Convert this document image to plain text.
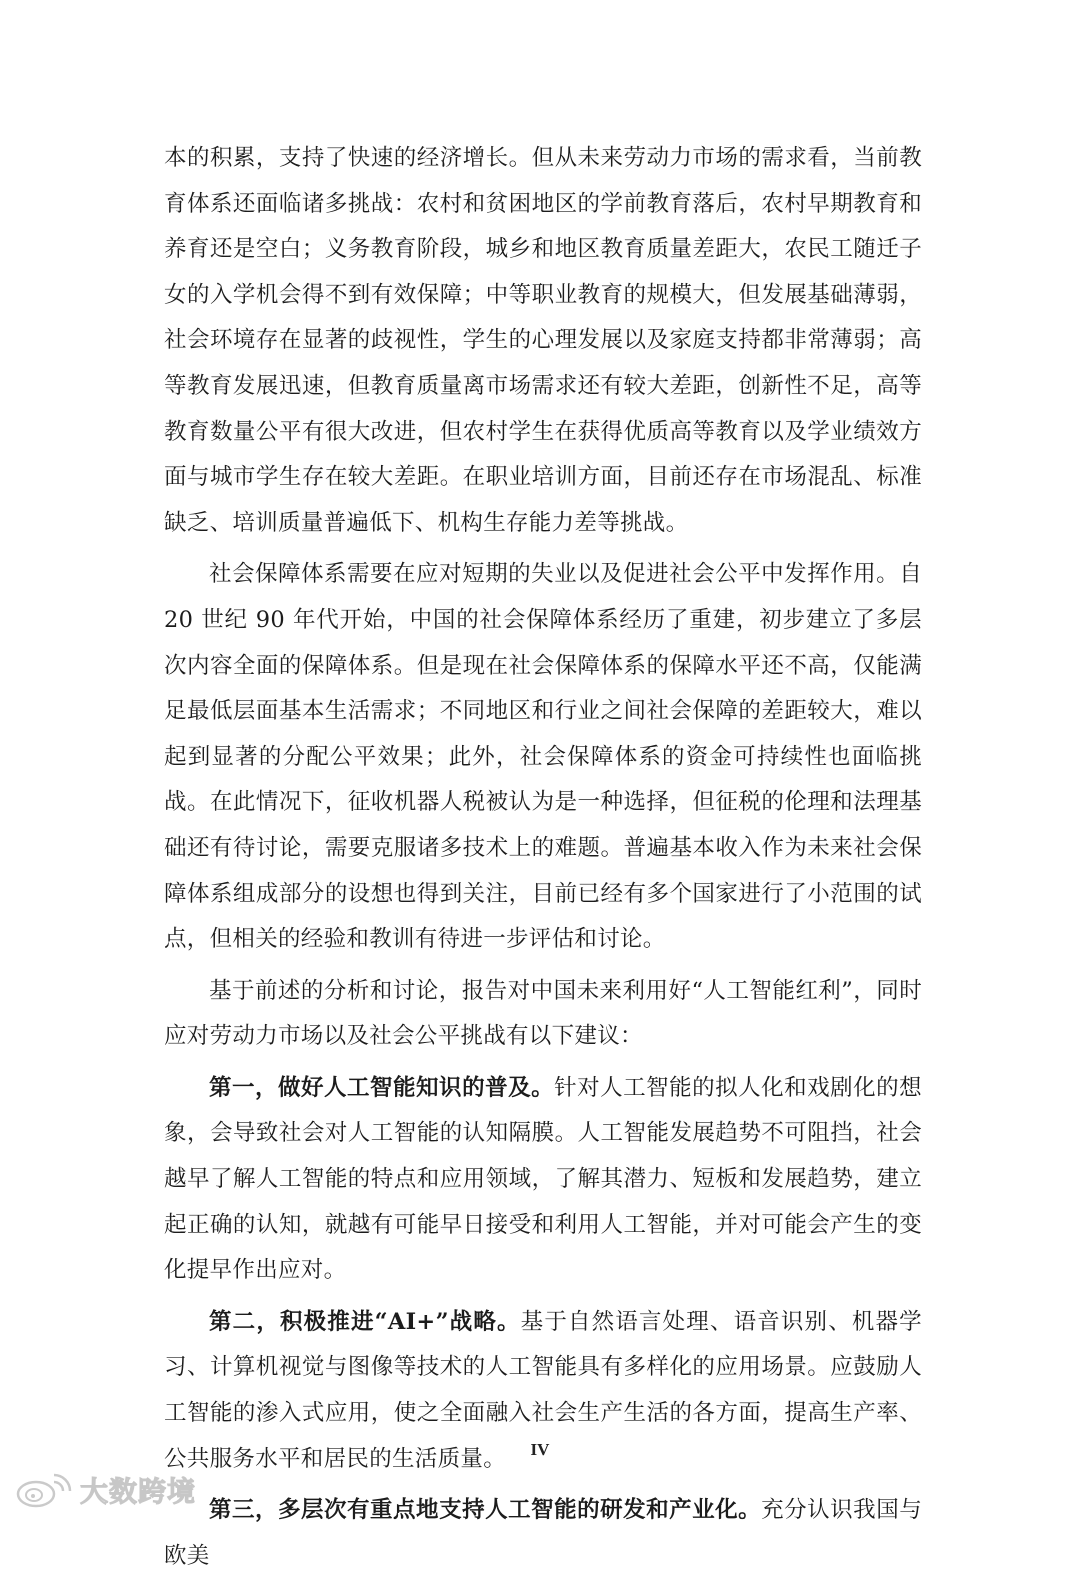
本的积累，支持了快速的经济增长。但从未来劳动力市场的需求看，当前教育体系还面临诸多挑战：农村和贫困地区的学前教育落后，农村早期教育和养育还是空白；义务教育阶段，城乡和地区教育质量差距大，农民工随迁子女的入学机会得不到有效保障；中等职业教育的规模大，但发展基础薄弱，社会环境存在显著的歧视性，学生的心理发展以及家庭支持都非常薄弱；高等教育发展迅速，但教育质量离市场需求还有较大差距，创新性不足，高等教育数量公平有很大改进，但农村学生在获得优质高等教育以及学业绩效方面与城市学生存在较大差距。在职业培训方面，目前还存在市场混乱、标准缺乏、培训质量普遍低下、机构生存能力差等挑战。

社会保障体系需要在应对短期的失业以及促进社会公平中发挥作用。自 20 世纪 90 年代开始，中国的社会保障体系经历了重建，初步建立了多层次内容全面的保障体系。但是现在社会保障体系的保障水平还不高，仅能满足最低层面基本生活需求；不同地区和行业之间社会保障的差距较大，难以起到显著的分配公平效果；此外，社会保障体系的资金可持续性也面临挑战。在此情况下，征收机器人税被认为是一种选择，但征税的伦理和法理基础还有待讨论，需要克服诸多技术上的难题。普遍基本收入作为未来社会保障体系组成部分的设想也得到关注，目前已经有多个国家进行了小范围的试点，但相关的经验和教训有待进一步评估和讨论。

基于前述的分析和讨论，报告对中国未来利用好“人工智能红利”，同时应对劳动力市场以及社会公平挑战有以下建议：

第一，做好人工智能知识的普及。针对人工智能的拟人化和戏剧化的想象，会导致社会对人工智能的认知隔膜。人工智能发展趋势不可阻挡，社会越早了解人工智能的特点和应用领域，了解其潜力、短板和发展趋势，建立起正确的认知，就越有可能早日接受和利用人工智能，并对可能会产生的变化提早作出应对。

第二，积极推进“AI+”战略。基于自然语言处理、语音识别、机器学习、计算机视觉与图像等技术的人工智能具有多样化的应用场景。应鼓励人工智能的渗入式应用，使之全面融入社会生产生活的各方面，提高生产率、公共服务水平和居民的生活质量。

第三，多层次有重点地支持人工智能的研发和产业化。充分认识我国与欧美

IV
大数跨境
